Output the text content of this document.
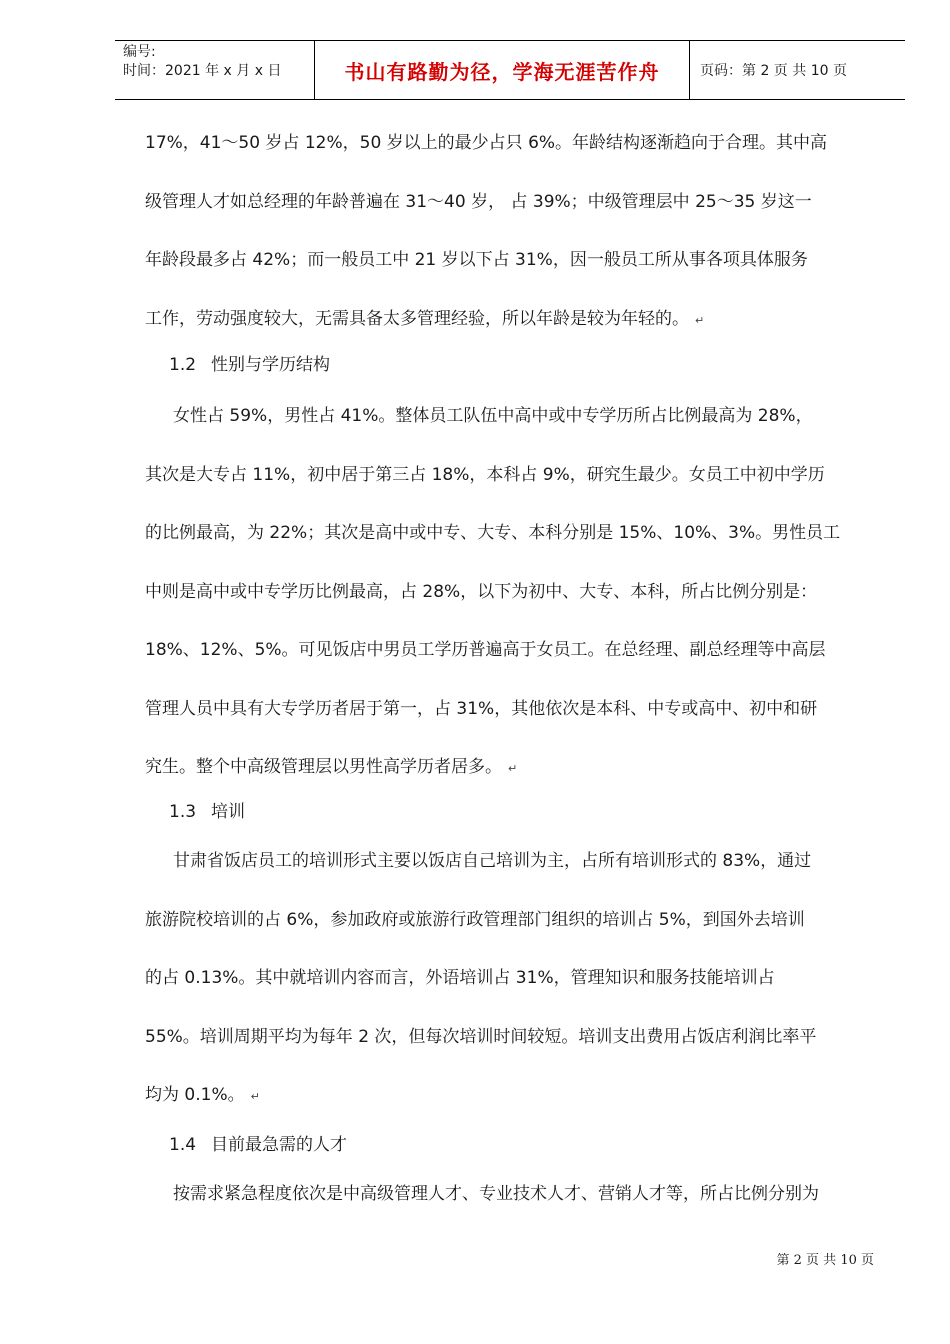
编号:
时间：2021 年 x 月 x 日	书山有路勤为径，学海无涯苦作舟	页码：第 2 页 共 10 页
17%，41～50 岁占 12%，50 岁以上的最少占只 6%。年龄结构逐渐趋向于合理。其中高
级管理人才如总经理的年龄普遍在 31～40 岁， 占 39%；中级管理层中 25～35 岁这一
年龄段最多占 42%；而一般员工中 21 岁以下占 31%，因一般员工所从事各项具体服务
工作，劳动强度较大，无需具备太多管理经验，所以年龄是较为年轻的。 ↵
1.2 性别与学历结构
女性占 59%，男性占 41%。整体员工队伍中高中或中专学历所占比例最高为 28%，
其次是大专占 11%，初中居于第三占 18%，本科占 9%，研究生最少。女员工中初中学历
的比例最高，为 22%；其次是高中或中专、大专、本科分别是 15%、10%、3%。男性员工
中则是高中或中专学历比例最高，占 28%，以下为初中、大专、本科，所占比例分别是：
18%、12%、5%。可见饭店中男员工学历普遍高于女员工。在总经理、副总经理等中高层
管理人员中具有大专学历者居于第一，占 31%，其他依次是本科、中专或高中、初中和研
究生。整个中高级管理层以男性高学历者居多。 ↵
1.3 培训
甘肃省饭店员工的培训形式主要以饭店自己培训为主，占所有培训形式的 83%，通过
旅游院校培训的占 6%，参加政府或旅游行政管理部门组织的培训占 5%，到国外去培训
的占 0.13%。其中就培训内容而言，外语培训占 31%，管理知识和服务技能培训占
55%。培训周期平均为每年 2 次，但每次培训时间较短。培训支出费用占饭店利润比率平
均为 0.1%。 ↵
1.4 目前最急需的人才
按需求紧急程度依次是中高级管理人才、专业技术人才、营销人才等，所占比例分别为
第 2 页 共 10 页
